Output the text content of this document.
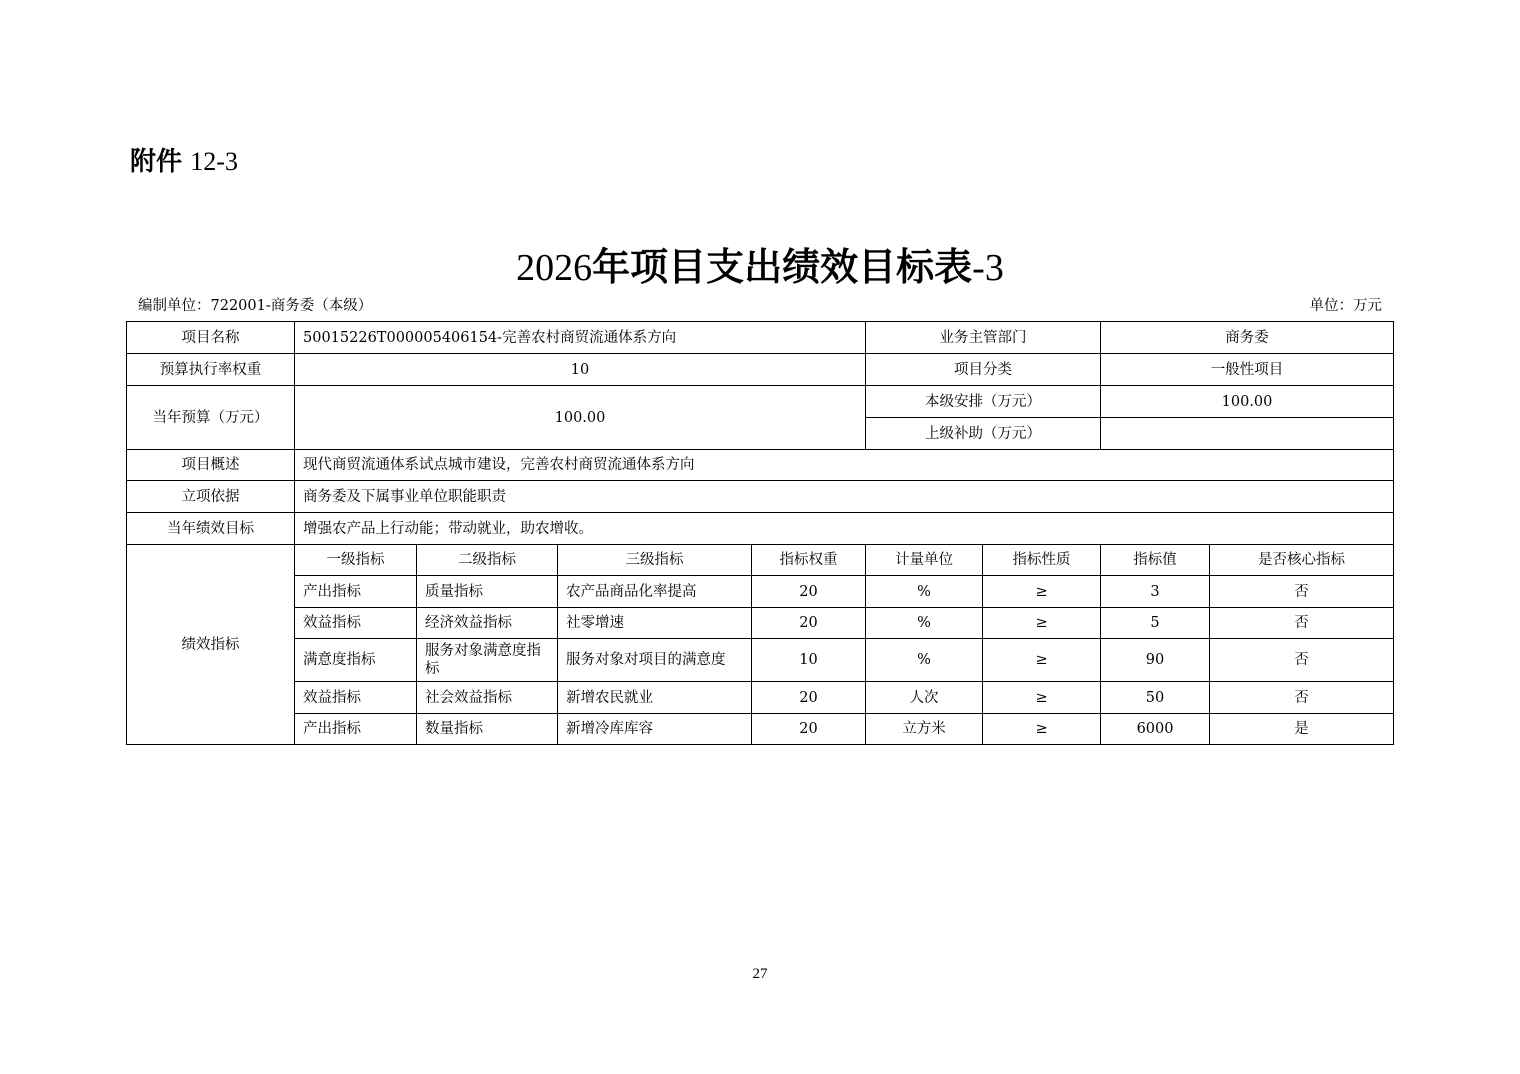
附件 12-3
2026年项目支出绩效目标表-3
编制单位：722001-商务委（本级）	单位：万元
项目名称	50015226T000005406154-完善农村商贸流通体系方向				业务主管部门		商务委	
预算执行率权重	10				项目分类		一般性项目	
当年预算（万元）	100.00				本级安排（万元）		100.00	
					上级补助（万元）			
项目概述	现代商贸流通体系试点城市建设，完善农村商贸流通体系方向							
立项依据	商务委及下属事业单位职能职责							
当年绩效目标	增强农产品上行动能；带动就业，助农增收。							
绩效指标	一级指标	二级指标	三级指标	指标权重	计量单位	指标性质	指标值	是否核心指标
	产出指标	质量指标	农产品商品化率提高	20	%	≥	3	否
	效益指标	经济效益指标	社零增速	20	%	≥	5	否
	满意度指标	服务对象满意度指标	服务对象对项目的满意度	10	%	≥	90	否
	效益指标	社会效益指标	新增农民就业	20	人次	≥	50	否
	产出指标	数量指标	新增冷库库容	20	立方米	≥	6000	是
27
